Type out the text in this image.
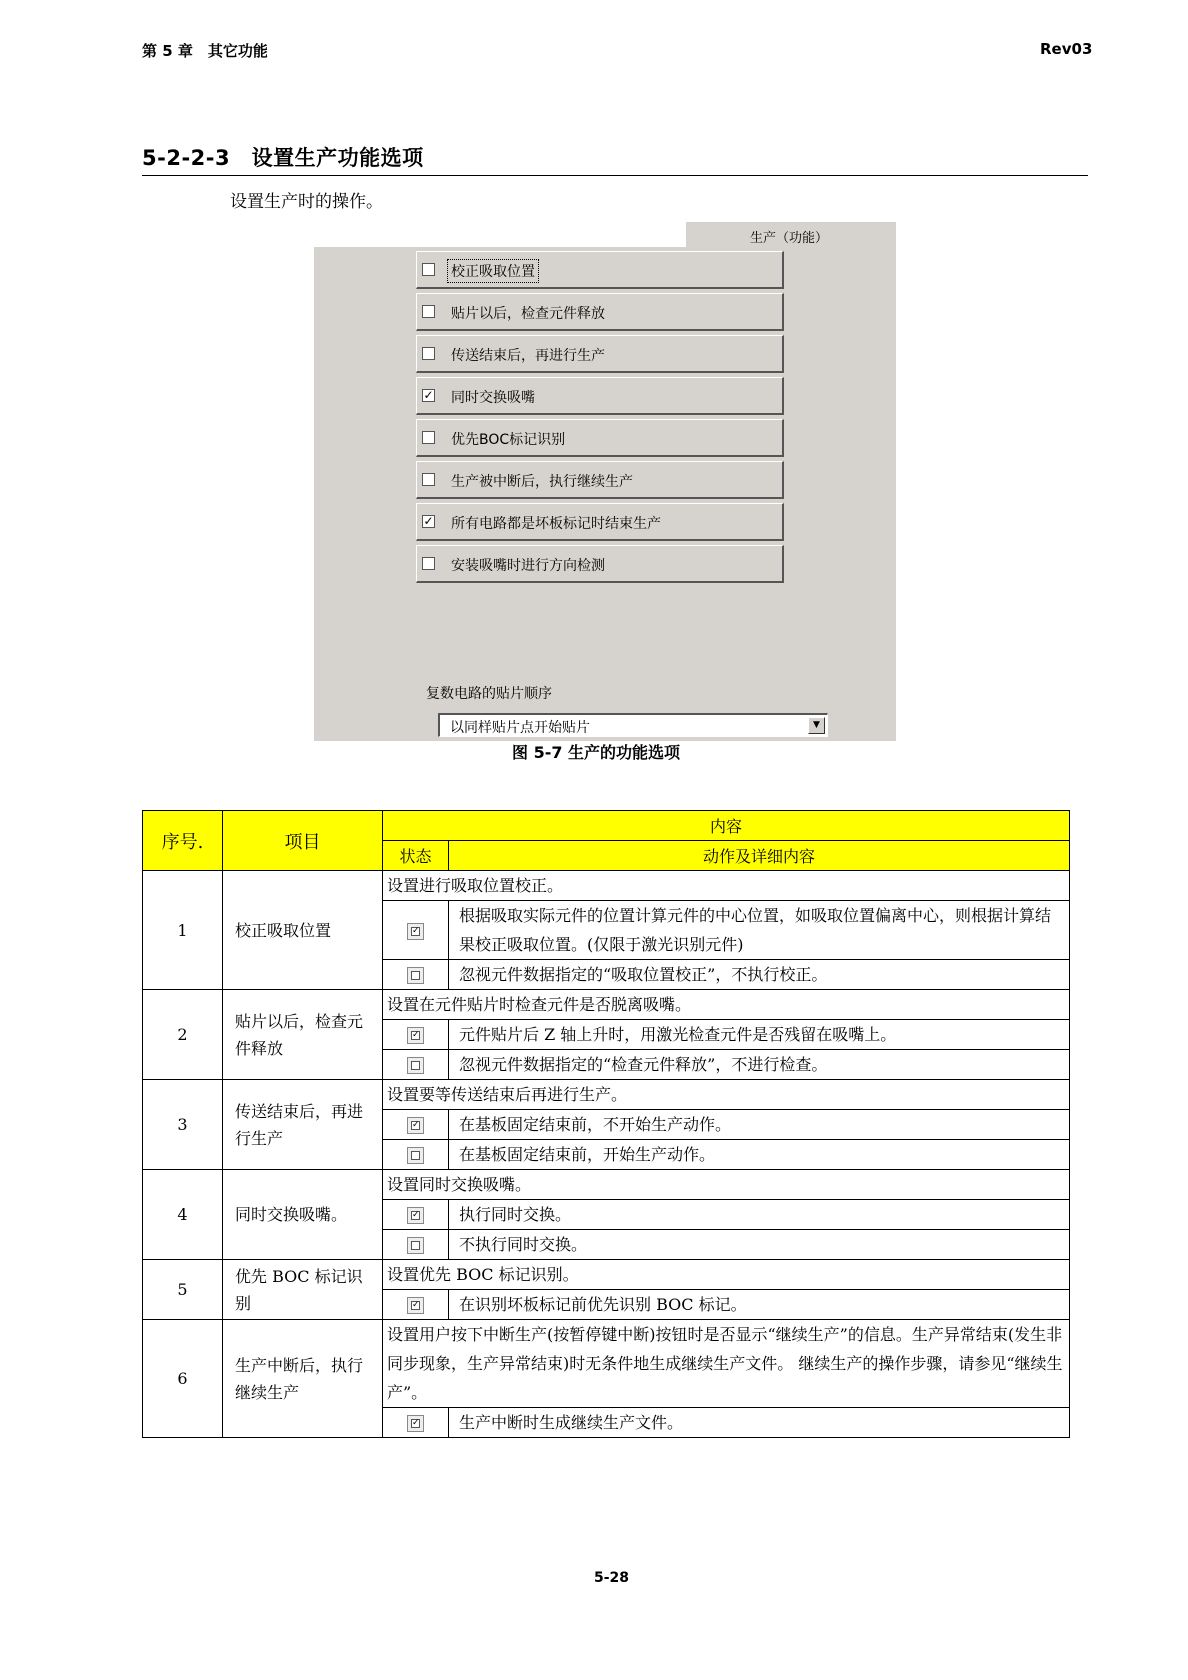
第 5 章　其它功能	Rev03
5-2-2-3　设置生产功能选项
设置生产时的操作。
生产（功能）
校正吸取位置
贴片以后，检查元件释放
传送结束后，再进行生产
✓ 同时交换吸嘴
优先BOC标记识别
生产被中断后，执行继续生产
✓ 所有电路都是坏板标记时结束生产
安装吸嘴时进行方向检测
复数电路的贴片顺序
以同样贴片点开始贴片	▼
图 5-7 生产的功能选项
序号.	项目	内容	
		状态	动作及详细内容
1	校正吸取位置	设置进行吸取位置校正。	

		✓	根据吸取实际元件的位置计算元件的中心位置，如吸取位置偏离中心，则根据计算结果校正吸取位置。(仅限于激光识别元件)

			忽视元件数据指定的“吸取位置校正”，不执行校正。
2	贴片以后，检查元件释放	设置在元件贴片时检查元件是否脱离吸嘴。	

		✓	元件贴片后 Z 轴上升时，用激光检查元件是否残留在吸嘴上。

			忽视元件数据指定的“检查元件释放”，不进行检查。
3	传送结束后，再进行生产	设置要等传送结束后再进行生产。	

		✓	在基板固定结束前，不开始生产动作。

			在基板固定结束前，开始生产动作。
4	同时交换吸嘴。	设置同时交换吸嘴。	

		✓	执行同时交换。

			不执行同时交换。
5	优先 BOC 标记识别	设置优先 BOC 标记识别。	

		✓	在识别坏板标记前优先识别 BOC 标记。
6	生产中断后，执行继续生产	设置用户按下中断生产(按暂停键中断)按钮时是否显示“继续生产”的信息。生产异常结束(发生非同步现象，生产异常结束)时无条件地生成继续生产文件。 继续生产的操作步骤，请参见“继续生产”。	

		✓	生产中断时生成继续生产文件。
5-28
